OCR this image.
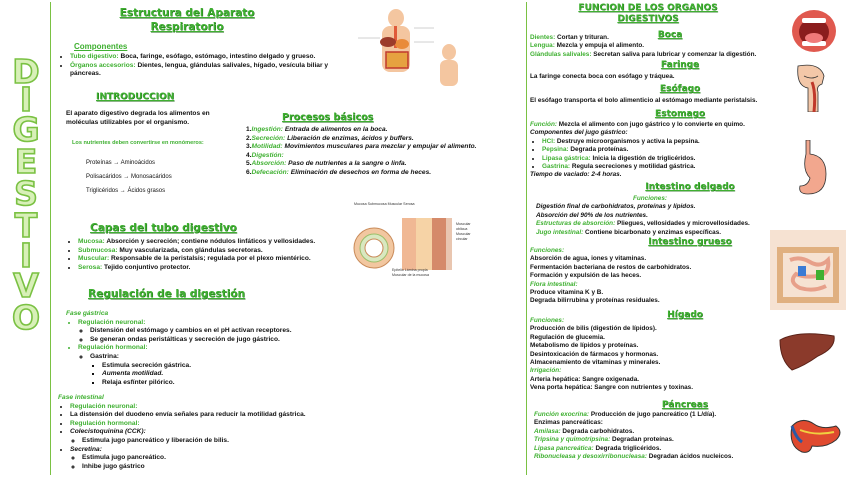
D
I
G
E
S
T
I
V
O
Estructura del Aparato
Respiratorio
Componentes
• Tubo digestivo: Boca, faringe, esófago, estómago, intestino delgado y grueso.
• Órganos accesorios: Dientes, lengua, glándulas salivales, hígado, vesícula biliar y páncreas.
INTRODUCCION
El aparato digestivo degrada los alimentos en moléculas utilizables por el organismo.
Los nutrientes deben convertirse en monómeros:
Proteínas → Aminoácidos
Polisacáridos → Monosacáridos
Triglicéridos → Ácidos grasos
Procesos básicos
1.Ingestión: Entrada de alimentos en la boca.
2.Secreción: Liberación de enzimas, ácidos y buffers.
3.Motilidad: Movimientos musculares para mezclar y empujar el alimento.
4.Digestión:
5.Absorción: Paso de nutrientes a la sangre o linfa.
6.Defecación: Eliminación de desechos en forma de heces.
Capas del tubo digestivo
• Mucosa: Absorción y secreción; contiene nódulos linfáticos y vellosidades.
• Submucosa: Muy vascularizada, con glándulas secretoras.
• Muscular: Responsable de la peristalsis; regulada por el plexo mientérico.
• Serosa: Tejido conjuntivo protector.
Mucosa Submucosa Muscular Serosa
Muscular oblicua
Muscular circular
Epitelio Lámina propia
Muscular de la mucosa
Regulación de la digestión
Fase gástrica
• Regulación neuronal:
◦ Distensión del estómago y cambios en el pH activan receptores.
◦ Se generan ondas peristálticas y secreción de jugo gástrico.
• Regulación hormonal:
◦ Gastrina:
▪ Estimula secreción gástrica.
▪ Aumenta motilidad.
▪ Relaja esfínter pilórico.
Fase intestinal
• Regulación neuronal:
• La distensión del duodeno envía señales para reducir la motilidad gástrica.
• Regulación hormonal:
• Colecistoquinina (CCK):
◦ Estimula jugo pancreático y liberación de bilis.
• Secretina:
◦ Estimula jugo pancreático.
◦ Inhibe jugo gástrico
FUNCION DE LOS ORGANOS
DIGESTIVOS
Boca
Dientes: Cortan y trituran.
Lengua: Mezcla y empuja el alimento.
Glándulas salivales: Secretan saliva para lubricar y comenzar la digestión.
Faringe
La faringe conecta boca con esófago y tráquea.
Esófago
El esófago transporta el bolo alimenticio al estómago mediante peristalsis.
Estomago
Función: Mezcla el alimento con jugo gástrico y lo convierte en quimo.
Componentes del jugo gástrico:
• HCl: Destruye microorganismos y activa la pepsina.
• Pepsina: Degrada proteínas.
• Lipasa gástrica: Inicia la digestión de triglicéridos.
• Gastrina: Regula secreciones y motilidad gástrica.
Tiempo de vaciado: 2-4 horas.
Intestino delgado
Funciones:
Digestión final de carbohidratos, proteínas y lípidos.
Absorción del 90% de los nutrientes.
Estructuras de absorción: Pliegues, vellosidades y microvellosidades.
Jugo intestinal: Contiene bicarbonato y enzimas específicas.
Intestino grueso
Funciones:
Absorción de agua, iones y vitaminas.
Fermentación bacteriana de restos de carbohidratos.
Formación y expulsión de las heces.
Flora intestinal:
Produce vitamina K y B.
Degrada bilirrubina y proteínas residuales.
Hígado
Funciones:
Producción de bilis (digestión de lípidos).
Regulación de glucemia.
Metabolismo de lípidos y proteínas.
Desintoxicación de fármacos y hormonas.
Almacenamiento de vitaminas y minerales.
Irrigación:
Arteria hepática: Sangre oxigenada.
Vena porta hepática: Sangre con nutrientes y toxinas.
Páncreas
Función exocrina: Producción de jugo pancreático (1 L/día).
Enzimas pancreáticas:
Amilasa: Degrada carbohidratos.
Tripsina y quimotripsina: Degradan proteínas.
Lipasa pancreática: Degrada triglicéridos.
Ribonucleasa y desoxirribonucleasa: Degradan ácidos nucleicos.
